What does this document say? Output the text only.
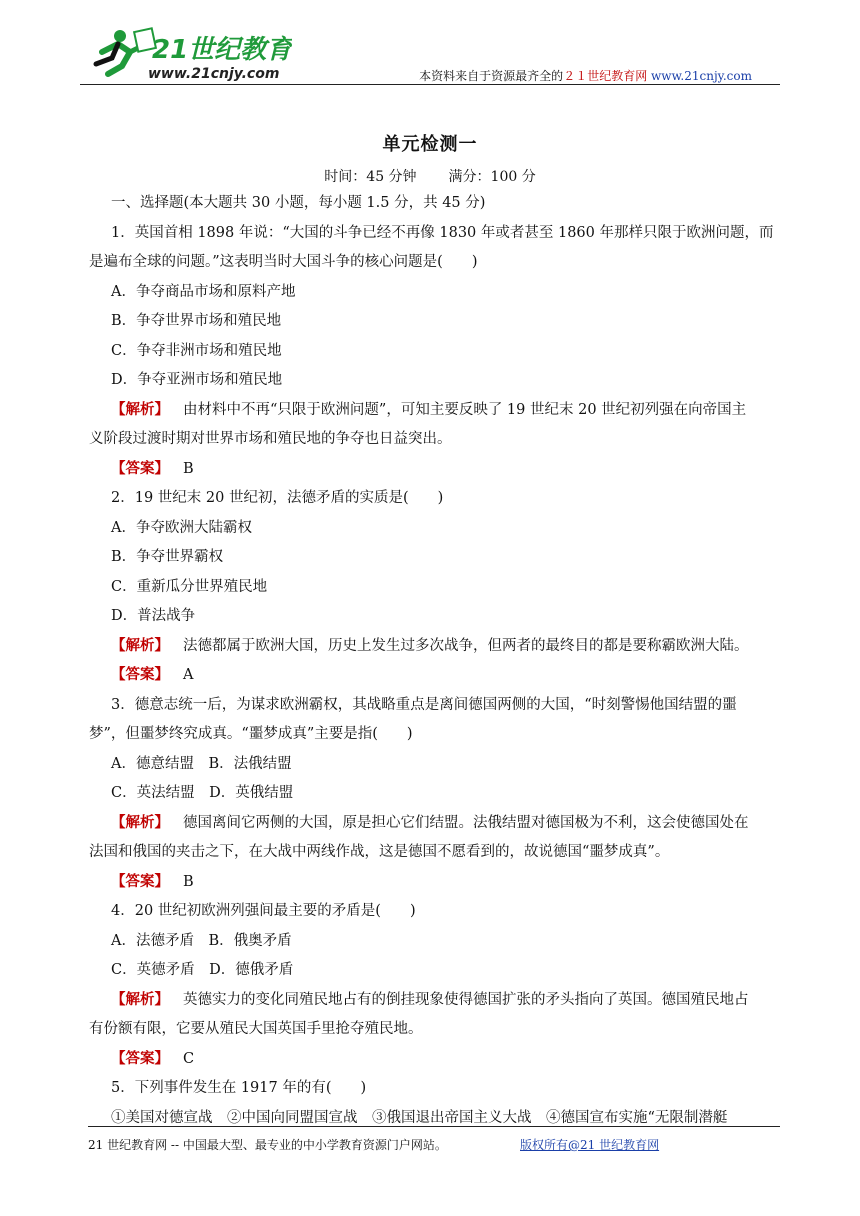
21世纪教育
www.21cnjy.com	本资料来自于资源最齐全的２１世纪教育网 www.21cnjy.com
单元检测一
时间：45 分钟 满分：100 分
一、选择题(本大题共 30 小题，每小题 1.5 分，共 45 分)
1．英国首相 1898 年说：“大国的斗争已经不再像 1830 年或者甚至 1860 年那样只限于欧洲问题，而
是遍布全球的问题。”这表明当时大国斗争的核心问题是(　　)
A．争夺商品市场和原料产地
B．争夺世界市场和殖民地
C．争夺非洲市场和殖民地
D．争夺亚洲市场和殖民地
【解析】 由材料中不再“只限于欧洲问题”，可知主要反映了 19 世纪末 20 世纪初列强在向帝国主
义阶段过渡时期对世界市场和殖民地的争夺也日益突出。
【答案】 B
2．19 世纪末 20 世纪初，法德矛盾的实质是(　　)
A．争夺欧洲大陆霸权
B．争夺世界霸权
C．重新瓜分世界殖民地
D．普法战争
【解析】 法德都属于欧洲大国，历史上发生过多次战争，但两者的最终目的都是要称霸欧洲大陆。
【答案】 A
3．德意志统一后，为谋求欧洲霸权，其战略重点是离间德国两侧的大国，“时刻警惕他国结盟的噩
梦”，但噩梦终究成真。“噩梦成真”主要是指(　　)
A．德意结盟　B．法俄结盟
C．英法结盟　D．英俄结盟
【解析】 德国离间它两侧的大国，原是担心它们结盟。法俄结盟对德国极为不利，这会使德国处在
法国和俄国的夹击之下，在大战中两线作战，这是德国不愿看到的，故说德国“噩梦成真”。
【答案】 B
4．20 世纪初欧洲列强间最主要的矛盾是(　　)
A．法德矛盾　B．俄奥矛盾
C．英德矛盾　D．德俄矛盾
【解析】 英德实力的变化同殖民地占有的倒挂现象使得德国扩张的矛头指向了英国。德国殖民地占
有份额有限，它要从殖民大国英国手里抢夺殖民地。
【答案】 C
5．下列事件发生在 1917 年的有(　　)
①美国对德宣战　②中国向同盟国宣战　③俄国退出帝国主义大战　④德国宣布实施“无限制潜艇
21 世纪教育网 -- 中国最大型、最专业的中小学教育资源门户网站。	版权所有@21 世纪教育网
